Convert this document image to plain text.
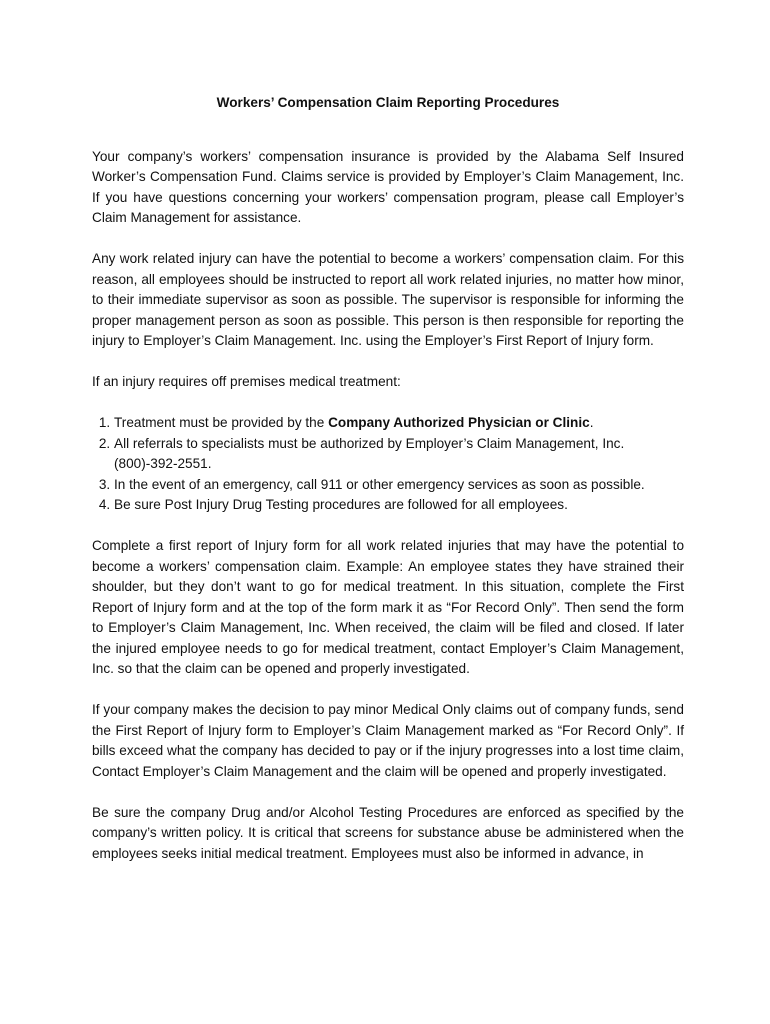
Workers’ Compensation Claim Reporting Procedures

Your company’s workers’ compensation insurance is provided by the Alabama Self Insured Worker’s Compensation Fund. Claims service is provided by Employer’s Claim Management, Inc. If you have questions concerning your workers’ compensation program, please call Employer’s Claim Management for assistance.

Any work related injury can have the potential to become a workers’ compensation claim. For this reason, all employees should be instructed to report all work related injuries, no matter how minor, to their immediate supervisor as soon as possible. The supervisor is responsible for informing the proper management person as soon as possible. This person is then responsible for reporting the injury to Employer’s Claim Management. Inc. using the Employer’s First Report of Injury form.

If an injury requires off premises medical treatment:

1. Treatment must be provided by the Company Authorized Physician or Clinic.
2. All referrals to specialists must be authorized by Employer’s Claim Management, Inc. (800)-392-2551.
3. In the event of an emergency, call 911 or other emergency services as soon as possible.
4. Be sure Post Injury Drug Testing procedures are followed for all employees.

Complete a first report of Injury form for all work related injuries that may have the potential to become a workers’ compensation claim. Example: An employee states they have strained their shoulder, but they don’t want to go for medical treatment. In this situation, complete the First Report of Injury form and at the top of the form mark it as “For Record Only”. Then send the form to Employer’s Claim Management, Inc. When received, the claim will be filed and closed. If later the injured employee needs to go for medical treatment, contact Employer’s Claim Management, Inc. so that the claim can be opened and properly investigated.

If your company makes the decision to pay minor Medical Only claims out of company funds, send the First Report of Injury form to Employer’s Claim Management marked as “For Record Only”. If bills exceed what the company has decided to pay or if the injury progresses into a lost time claim, Contact Employer’s Claim Management and the claim will be opened and properly investigated.

Be sure the company Drug and/or Alcohol Testing Procedures are enforced as specified by the company’s written policy. It is critical that screens for substance abuse be administered when the employees seeks initial medical treatment. Employees must also be informed in advance, in
